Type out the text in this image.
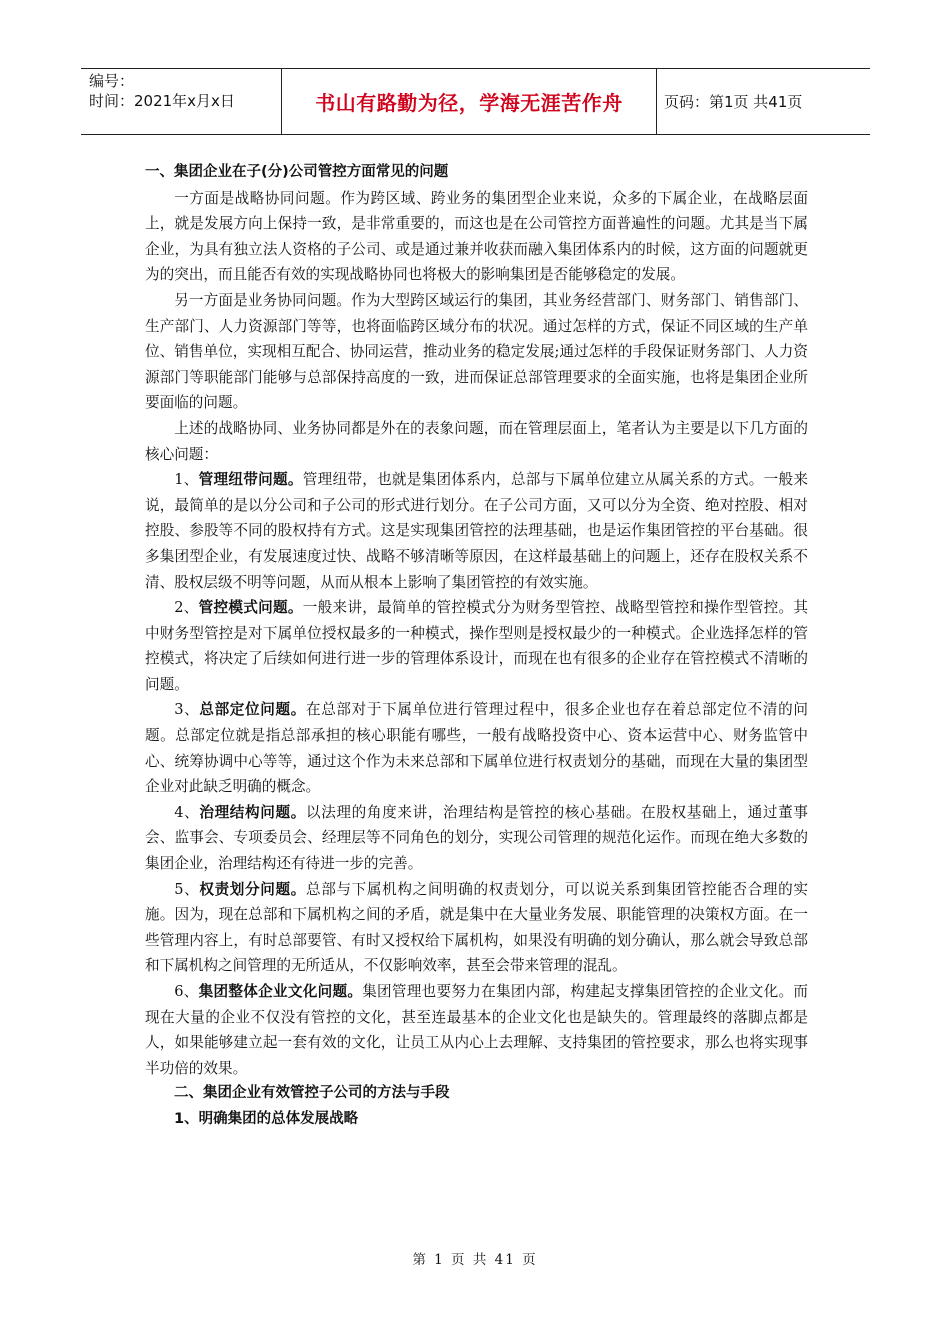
编号：
时间：2021年x月x日	书山有路勤为径，学海无涯苦作舟	页码：第1页 共41页

一、集团企业在子(分)公司管控方面常见的问题

一方面是战略协同问题。作为跨区域、跨业务的集团型企业来说，众多的下属企业，在战略层面上，就是发展方向上保持一致，是非常重要的，而这也是在公司管控方面普遍性的问题。尤其是当下属企业，为具有独立法人资格的子公司、或是通过兼并收获而融入集团体系内的时候，这方面的问题就更为的突出，而且能否有效的实现战略协同也将极大的影响集团是否能够稳定的发展。

另一方面是业务协同问题。作为大型跨区域运行的集团，其业务经营部门、财务部门、销售部门、生产部门、人力资源部门等等，也将面临跨区域分布的状况。通过怎样的方式，保证不同区域的生产单位、销售单位，实现相互配合、协同运营，推动业务的稳定发展;通过怎样的手段保证财务部门、人力资源部门等职能部门能够与总部保持高度的一致，进而保证总部管理要求的全面实施，也将是集团企业所要面临的问题。

上述的战略协同、业务协同都是外在的表象问题，而在管理层面上，笔者认为主要是以下几方面的核心问题：

1、管理纽带问题。管理纽带，也就是集团体系内，总部与下属单位建立从属关系的方式。一般来说，最简单的是以分公司和子公司的形式进行划分。在子公司方面，又可以分为全资、绝对控股、相对控股、参股等不同的股权持有方式。这是实现集团管控的法理基础，也是运作集团管控的平台基础。很多集团型企业，有发展速度过快、战略不够清晰等原因，在这样最基础上的问题上，还存在股权关系不清、股权层级不明等问题，从而从根本上影响了集团管控的有效实施。

2、管控模式问题。一般来讲，最简单的管控模式分为财务型管控、战略型管控和操作型管控。其中财务型管控是对下属单位授权最多的一种模式，操作型则是授权最少的一种模式。企业选择怎样的管控模式，将决定了后续如何进行进一步的管理体系设计，而现在也有很多的企业存在管控模式不清晰的问题。

3、总部定位问题。在总部对于下属单位进行管理过程中，很多企业也存在着总部定位不清的问题。总部定位就是指总部承担的核心职能有哪些，一般有战略投资中心、资本运营中心、财务监管中心、统筹协调中心等等，通过这个作为未来总部和下属单位进行权责划分的基础，而现在大量的集团型企业对此缺乏明确的概念。

4、治理结构问题。以法理的角度来讲，治理结构是管控的核心基础。在股权基础上，通过董事会、监事会、专项委员会、经理层等不同角色的划分，实现公司管理的规范化运作。而现在绝大多数的集团企业，治理结构还有待进一步的完善。

5、权责划分问题。总部与下属机构之间明确的权责划分，可以说关系到集团管控能否合理的实施。因为，现在总部和下属机构之间的矛盾，就是集中在大量业务发展、职能管理的决策权方面。在一些管理内容上，有时总部要管、有时又授权给下属机构，如果没有明确的划分确认，那么就会导致总部和下属机构之间管理的无所适从，不仅影响效率，甚至会带来管理的混乱。

6、集团整体企业文化问题。集团管理也要努力在集团内部，构建起支撑集团管控的企业文化。而现在大量的企业不仅没有管控的文化，甚至连最基本的企业文化也是缺失的。管理最终的落脚点都是人，如果能够建立起一套有效的文化，让员工从内心上去理解、支持集团的管控要求，那么也将实现事半功倍的效果。

二、集团企业有效管控子公司的方法与手段

1、明确集团的总体发展战略

第 1 页 共 41 页
